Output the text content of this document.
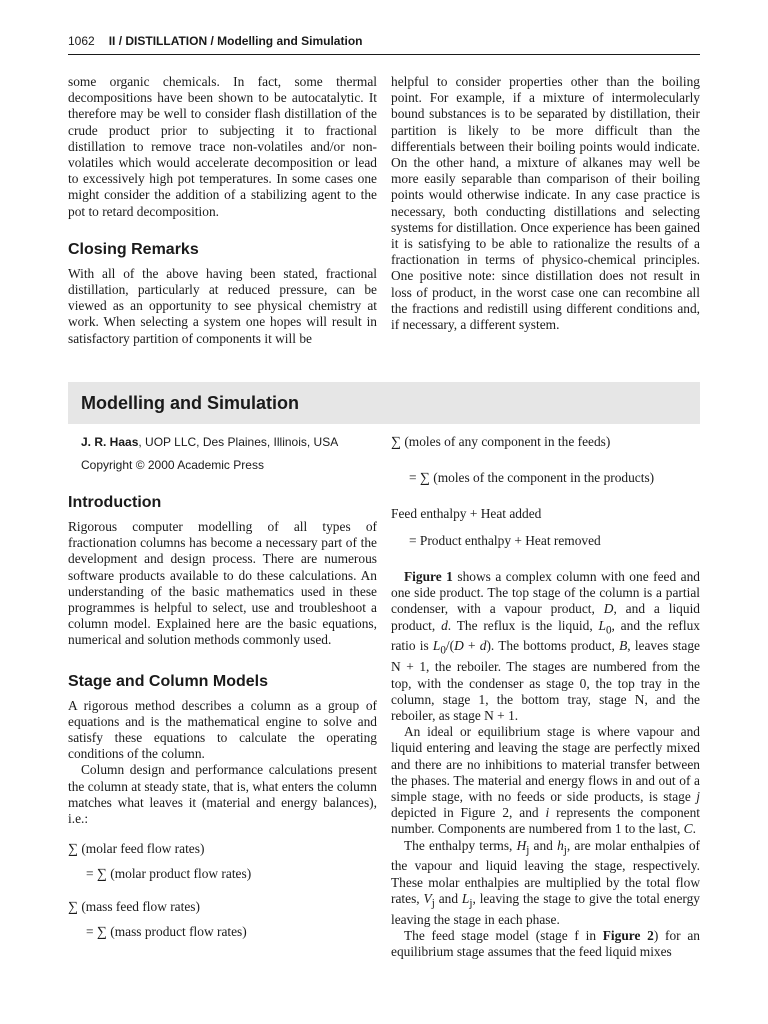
1062 II / DISTILLATION / Modelling and Simulation

some organic chemicals. In fact, some thermal decompositions have been shown to be autocatalytic. It therefore may be well to consider flash distillation of the crude product prior to subjecting it to fractional distillation to remove trace non-volatiles and/or non-volatiles which would accelerate decomposition or lead to excessively high pot temperatures. In some cases one might consider the addition of a stabilizing agent to the pot to retard decomposition.

Closing Remarks

With all of the above having been stated, fractional distillation, particularly at reduced pressure, can be viewed as an opportunity to see physical chemistry at work. When selecting a system one hopes will result in satisfactory partition of components it will be

helpful to consider properties other than the boiling point. For example, if a mixture of intermolecularly bound substances is to be separated by distillation, their partition is likely to be more difficult than the differentials between their boiling points would indicate. On the other hand, a mixture of alkanes may well be more easily separable than comparison of their boiling points would otherwise indicate. In any case practice is necessary, both conducting distillations and selecting systems for distillation. Once experience has been gained it is satisfying to be able to rationalize the results of a fractionation in terms of physico-chemical principles. One positive note: since distillation does not result in loss of product, in the worst case one can recombine all the fractions and redistill using different conditions and, if necessary, a different system.

Modelling and Simulation
J. R. Haas, UOP LLC, Des Plaines, Illinois, USA
Copyright © 2000 Academic Press
Introduction

Rigorous computer modelling of all types of fractionation columns has become a necessary part of the development and design process. There are numerous software products available to do these calculations. An understanding of the basic mathematics used in these programmes is helpful to select, use and troubleshoot a column model. Explained here are the basic equations, numerical and solution methods commonly used.

Stage and Column Models

A rigorous method describes a column as a group of equations and is the mathematical engine to solve and satisfy these equations to calculate the operating conditions of the column.

Column design and performance calculations present the column at steady state, that is, what enters the column matches what leaves it (material and energy balances), i.e.:

∑ (molar feed flow rates)
= ∑ (molar product flow rates)
∑ (mass feed flow rates)
= ∑ (mass product flow rates)
∑ (moles of any component in the feeds)
= ∑ (moles of the component in the products)
Feed enthalpy + Heat added
= Product enthalpy + Heat removed

Figure 1 shows a complex column with one feed and one side product. The top stage of the column is a partial condenser, with a vapour product, D, and a liquid product, d. The reflux is the liquid, $L_0$, and the reflux ratio is $L_0/(D + d)$. The bottoms product, B, leaves stage N + 1, the reboiler. The stages are numbered from the top, with the condenser as stage 0, the top tray in the column, stage 1, the bottom tray, stage N, and the reboiler, as stage N + 1.

An ideal or equilibrium stage is where vapour and liquid entering and leaving the stage are perfectly mixed and there are no inhibitions to material transfer between the phases. The material and energy flows in and out of a simple stage, with no feeds or side products, is stage j depicted in Figure 2, and i represents the component number. Components are numbered from 1 to the last, C.

The enthalpy terms, $H_j$ and $h_j$, are molar enthalpies of the vapour and liquid leaving the stage, respectively. These molar enthalpies are multiplied by the total flow rates, $V_j$ and $L_j$, leaving the stage to give the total energy leaving the stage in each phase.

The feed stage model (stage f in Figure 2) for an equilibrium stage assumes that the feed liquid mixes
